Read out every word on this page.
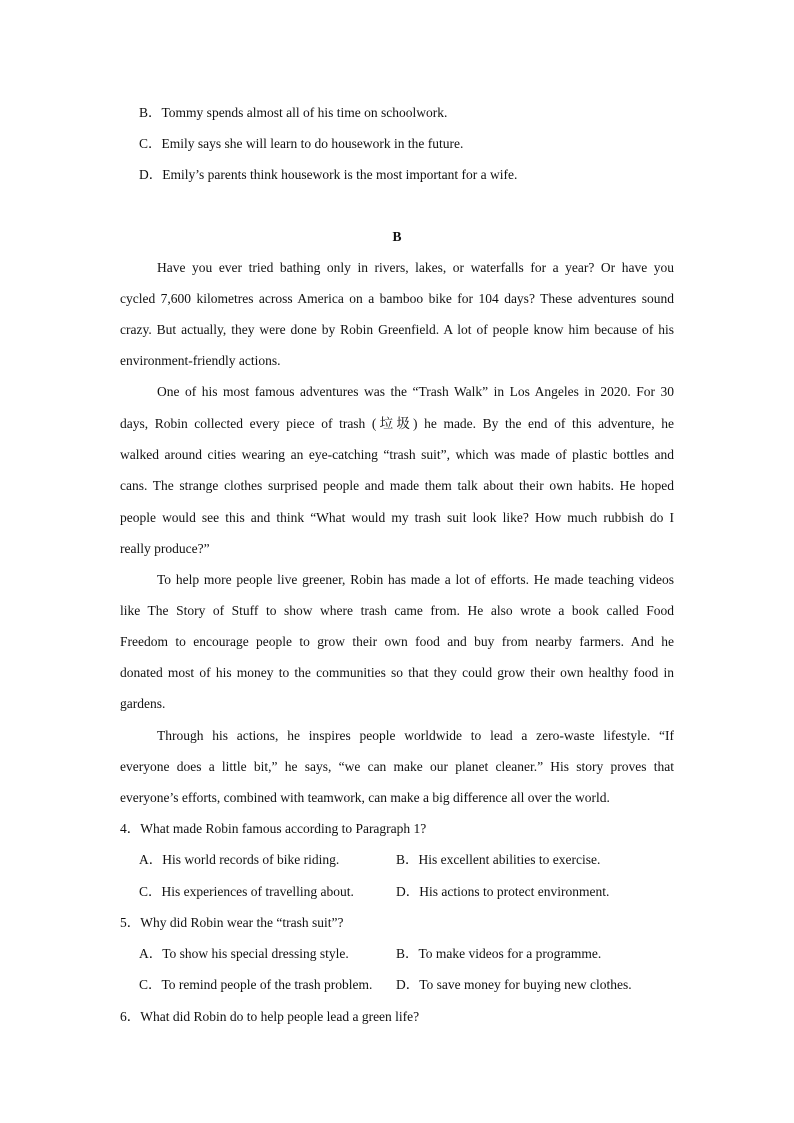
B．Tommy spends almost all of his time on schoolwork.
C．Emily says she will learn to do housework in the future.
D．Emily’s parents think housework is the most important for a wife.
B
Have you ever tried bathing only in rivers, lakes, or waterfalls for a year? Or have you
cycled 7,600 kilometres across America on a bamboo bike for 104 days? These adventures sound
crazy. But actually, they were done by Robin Greenfield. A lot of people know him because of his
environment-friendly actions.
One of his most famous adventures was the “Trash Walk” in Los Angeles in 2020. For 30
days, Robin collected every piece of trash (垃圾) he made. By the end of this adventure, he
walked around cities wearing an eye-catching “trash suit”, which was made of plastic bottles and
cans. The strange clothes surprised people and made them talk about their own habits. He hoped
people would see this and think “What would my trash suit look like? How much rubbish do I
really produce?”
To help more people live greener, Robin has made a lot of efforts. He made teaching videos
like The Story of Stuff to show where trash came from. He also wrote a book called Food
Freedom to encourage people to grow their own food and buy from nearby farmers. And he
donated most of his money to the communities so that they could grow their own healthy food in
gardens.
Through his actions, he inspires people worldwide to lead a zero-waste lifestyle. “If
everyone does a little bit,” he says, “we can make our planet cleaner.” His story proves that
everyone’s efforts, combined with teamwork, can make a big difference all over the world.
4．What made Robin famous according to Paragraph 1?
A．His world records of bike riding.	B．His excellent abilities to exercise.
C．His experiences of travelling about.	D．His actions to protect environment.
5．Why did Robin wear the “trash suit”?
A．To show his special dressing style.	B．To make videos for a programme.
C．To remind people of the trash problem. D．To save money for buying new clothes.
6．What did Robin do to help people lead a green life?
